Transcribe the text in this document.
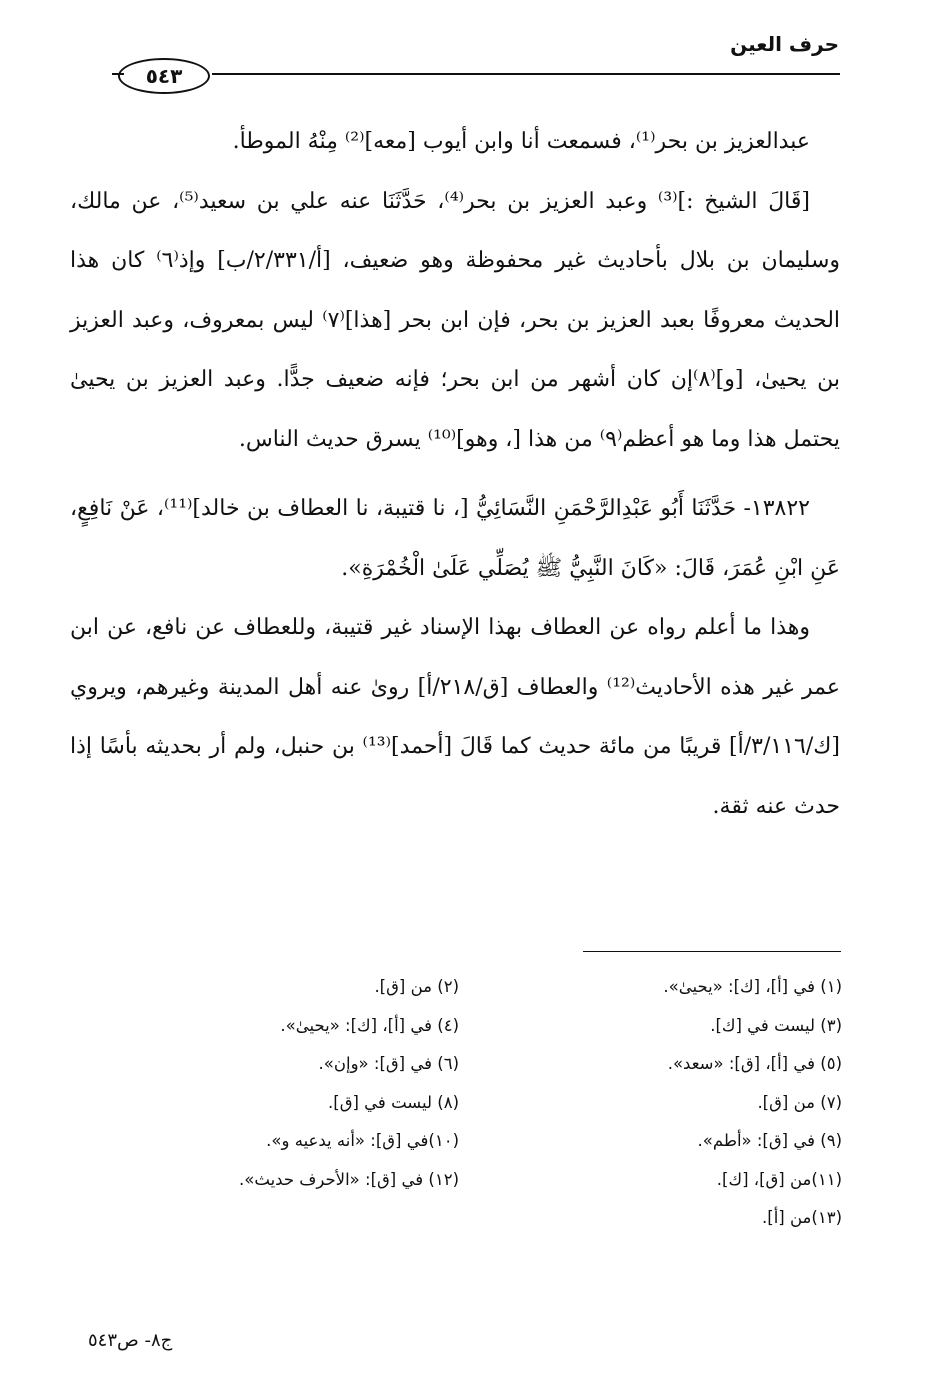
حرف العين
٥٤٣

عبدالعزيز بن بحر⁽¹⁾، فسمعت أنا وابن أيوب [معه]⁽²⁾ مِنْهُ الموطأ.

[قَالَ الشيخ :]⁽³⁾ وعبد العزيز بن بحر⁽⁴⁾، حَدَّثَنَا عنه علي بن سعيد⁽⁵⁾، عن مالك، وسليمان بن بلال بأحاديث غير محفوظة وهو ضعيف، [أ/٢/٣٣١/ب] وإذ⁽٦⁾ كان هذا الحديث معروفًا بعبد العزيز بن بحر، فإن ابن بحر [هذا]⁽٧⁾ ليس بمعروف، وعبد العزيز بن يحيىٰ، [و]⁽٨⁾إن كان أشهر من ابن بحر؛ فإنه ضعيف جدًّا. وعبد العزيز بن يحيىٰ يحتمل هذا وما هو أعظم⁽٩⁾ من هذا [، وهو]⁽¹⁰⁾ يسرق حديث الناس.

١٣٨٢٢- حَدَّثَنَا أَبُو عَبْدِالرَّحْمَنِ النَّسَائِيُّ [، نا قتيبة، نا العطاف بن خالد]⁽¹¹⁾، عَنْ نَافِعٍ، عَنِ ابْنِ عُمَرَ، قَالَ: «كَانَ النَّبِيُّ ﷺ يُصَلِّي عَلَىٰ الْخُمْرَةِ».

وهذا ما أعلم رواه عن العطاف بهذا الإسناد غير قتيبة، وللعطاف عن نافع، عن ابن عمر غير هذه الأحاديث⁽¹²⁾ والعطاف [ق/٢١٨/أ] روىٰ عنه أهل المدينة وغيرهم، ويروي [ك/٣/١١٦/أ] قريبًا من مائة حديث كما قَالَ [أحمد]⁽¹³⁾ بن حنبل، ولم أر بحديثه بأسًا إذا حدث عنه ثقة.

(١) في [أ]، [ك]: «يحيىٰ».
(٣) ليست في [ك].
(٥) في [أ]، [ق]: «سعد».
(٧) من [ق].
(٩) في [ق]: «أطم».
(١١)من [ق]، [ك].
(١٣)من [أ].
(٢) من [ق].
(٤) في [أ]، [ك]: «يحيىٰ».
(٦) في [ق]: «وإن».
(٨) ليست في [ق].
(١٠)في [ق]: «أنه يدعيه و».
(١٢) في [ق]: «الأحرف حديث».
ج٨- ص٥٤٣
